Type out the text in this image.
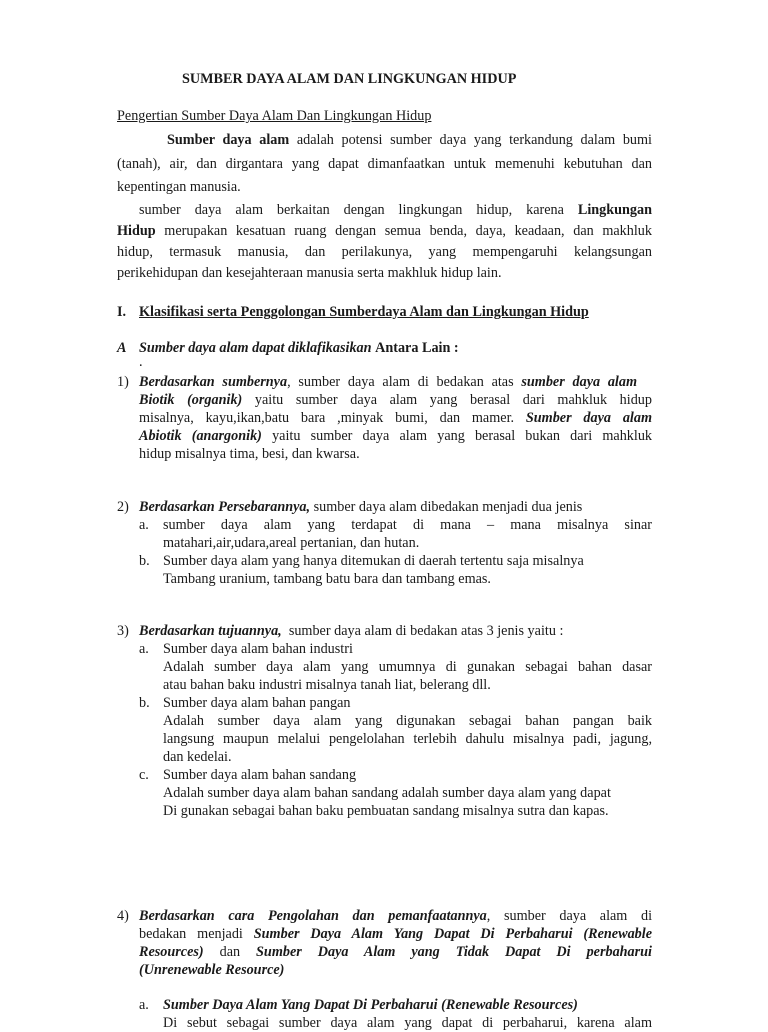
SUMBER DAYA ALAM DAN LINGKUNGAN HIDUP
Pengertian Sumber Daya Alam Dan Lingkungan Hidup
Sumber daya alam adalah potensi sumber daya yang terkandung dalam bumi
(tanah), air, dan dirgantara yang dapat dimanfaatkan untuk memenuhi kebutuhan dan
kepentingan manusia.
sumber daya alam berkaitan dengan lingkungan hidup, karena Lingkungan
Hidup merupakan kesatuan ruang dengan semua benda, daya, keadaan, dan makhluk
hidup, termasuk manusia, dan perilakunya, yang mempengaruhi kelangsungan
perikehidupan dan kesejahteraan manusia serta makhluk hidup lain.
I. Klasifikasi serta Penggolongan Sumberdaya Alam dan Lingkungan Hidup
A Sumber daya alam dapat diklafikasikan Antara Lain :
.
1) Berdasarkan sumbernya, sumber daya alam di bedakan atas sumber daya alam
Biotik (organik) yaitu sumber daya alam yang berasal dari mahkluk hidup
misalnya, kayu,ikan,batu bara ,minyak bumi, dan mamer. Sumber daya alam
Abiotik (anargonik) yaitu sumber daya alam yang berasal bukan dari mahkluk
hidup misalnya tima, besi, dan kwarsa.
2) Berdasarkan Persebarannya, sumber daya alam dibedakan menjadi dua jenis
a. sumber daya alam yang terdapat di mana – mana misalnya sinar
matahari,air,udara,areal pertanian, dan hutan.
b. Sumber daya alam yang hanya ditemukan di daerah tertentu saja misalnya
Tambang uranium, tambang batu bara dan tambang emas.
3) Berdasarkan tujuannya, sumber daya alam di bedakan atas 3 jenis yaitu :
a. Sumber daya alam bahan industri
Adalah sumber daya alam yang umumnya di gunakan sebagai bahan dasar
atau bahan baku industri misalnya tanah liat, belerang dll.
b. Sumber daya alam bahan pangan
Adalah sumber daya alam yang digunakan sebagai bahan pangan baik
langsung maupun melalui pengelolahan terlebih dahulu misalnya padi, jagung,
dan kedelai.
c. Sumber daya alam bahan sandang
Adalah sumber daya alam bahan sandang adalah sumber daya alam yang dapat
Di gunakan sebagai bahan baku pembuatan sandang misalnya sutra dan kapas.
4) Berdasarkan cara Pengolahan dan pemanfaatannya, sumber daya alam di
bedakan menjadi Sumber Daya Alam Yang Dapat Di Perbaharui (Renewable
Resources) dan Sumber Daya Alam yang Tidak Dapat Di perbaharui
(Unrenewable Resource)
a. Sumber Daya Alam Yang Dapat Di Perbaharui (Renewable Resources)
Di sebut sebagai sumber daya alam yang dapat di perbaharui, karena alam
